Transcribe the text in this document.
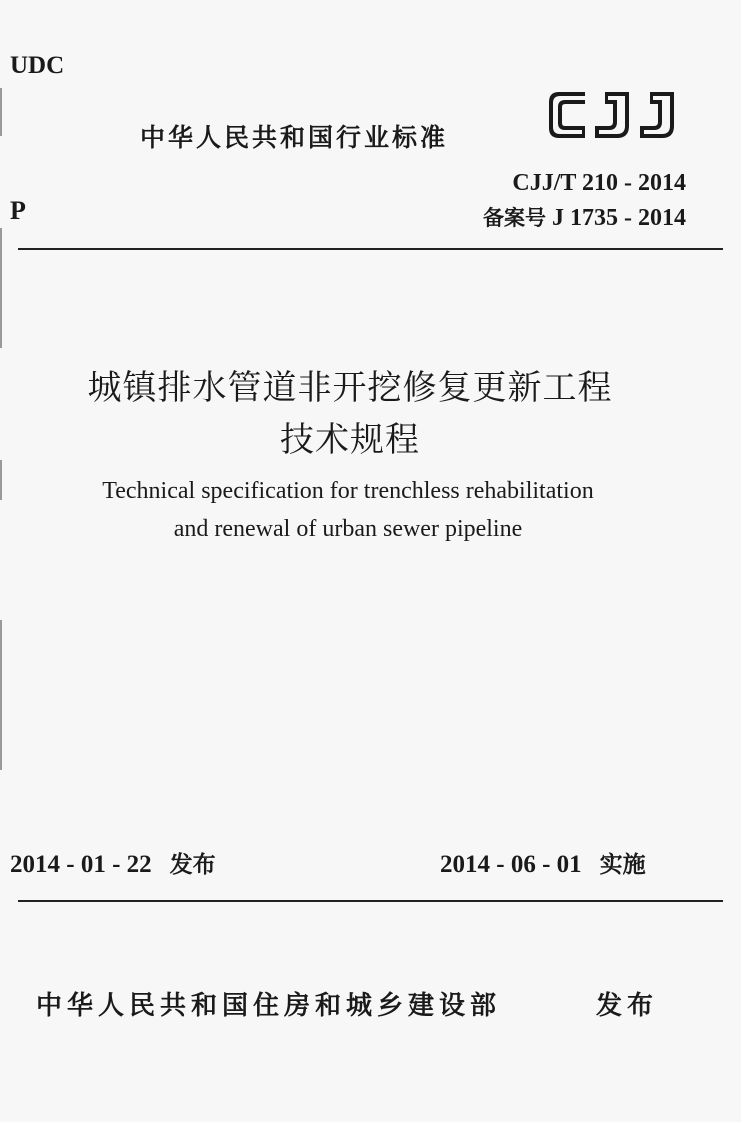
UDC
P
中华人民共和国行业标准
CJJ/T 210 - 2014
备案号 J 1735 - 2014
城镇排水管道非开挖修复更新工程
技术规程
Technical specification for trenchless rehabilitation
and renewal of urban sewer pipeline
2014 - 01 - 22 发布	2014 - 06 - 01 实施
中华人民共和国住房和城乡建设部	发布
